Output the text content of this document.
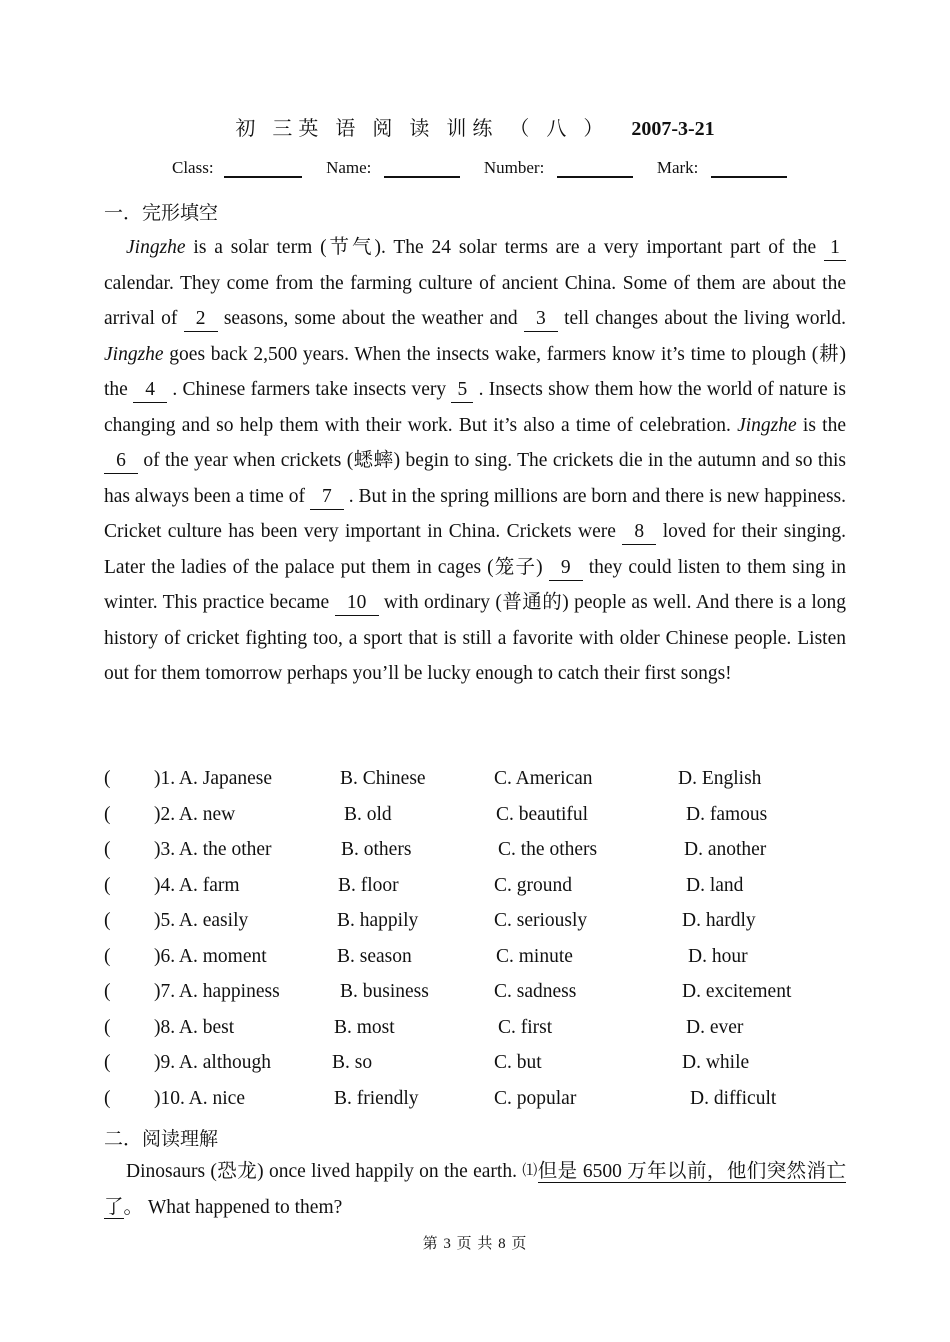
初 三英 语 阅 读 训练 （ 八 ） 2007-3-21
Class:	Name:	Number:	Mark:
一．完形填空
Jingzhe is a solar term (节气). The 24 solar terms are a very important part of the 1 calendar. They come from the farming culture of ancient China. Some of them are about the arrival of 2 seasons, some about the weather and 3 tell changes about the living world. Jingzhe goes back 2,500 years. When the insects wake, farmers know it’s time to plough (耕) the 4 . Chinese farmers take insects very 5 . Insects show them how the world of nature is changing and so help them with their work. But it’s also a time of celebration. Jingzhe is the 6 of the year when crickets (蟋蟀) begin to sing. The crickets die in the autumn and so this has always been a time of 7 . But in the spring millions are born and there is new happiness. Cricket culture has been very important in China. Crickets were 8 loved for their singing. Later the ladies of the palace put them in cages (笼子) 9 they could listen to them sing in winter. This practice became 10 with ordinary (普通的) people as well. And there is a long history of cricket fighting too, a sport that is still a favorite with older Chinese people. Listen out for them tomorrow perhaps you’ll be lucky enough to catch their first songs!
( )1. A. Japanese	B. Chinese	C. American	D. English
( )2. A. new	B. old	C. beautiful	D. famous
( )3. A. the other	B. others	C. the others	D. another
( )4. A. farm	B. floor	C. ground	D. land
( )5. A. easily	B. happily	C. seriously	D. hardly
( )6. A. moment	B. season	C. minute	D. hour
( )7. A. happiness	B. business	C. sadness	D. excitement
( )8. A. best	B. most	C. first	D. ever
( )9. A. although	B. so	C. but	D. while
( )10. A. nice	B. friendly	C. popular	D. difficult
二．阅读理解
Dinosaurs (恐龙) once lived happily on the earth. ⑴但是 6500 万年以前，他们突然消亡了。 What happened to them?
第 3 页 共 8 页
